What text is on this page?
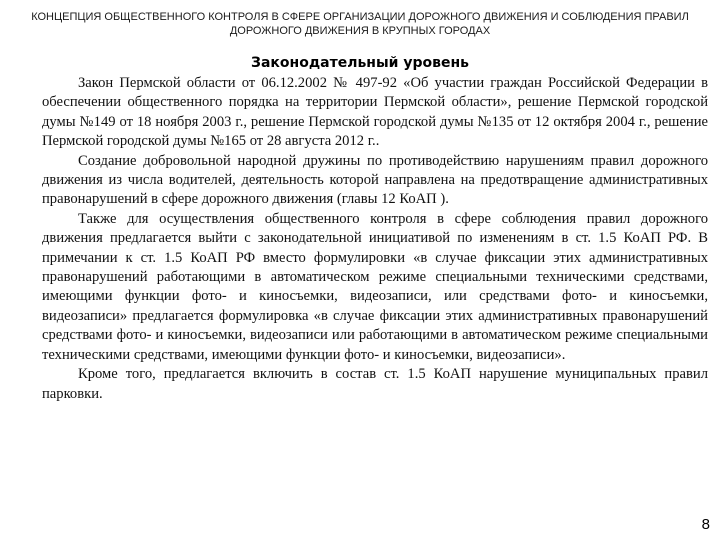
КОНЦЕПЦИЯ ОБЩЕСТВЕННОГО КОНТРОЛЯ В СФЕРЕ ОРГАНИЗАЦИИ ДОРОЖНОГО ДВИЖЕНИЯ И СОБЛЮДЕНИЯ ПРАВИЛ ДОРОЖНОГО ДВИЖЕНИЯ В КРУПНЫХ ГОРОДАХ
Законодательный уровень

Закон Пермской области от 06.12.2002 № 497-92 «Об участии граждан Российской Федерации в обеспечении общественного порядка на территории Пермской области», решение Пермской городской думы №149 от 18 ноября 2003 г., решение Пермской городской думы №135 от 12 октября 2004 г., решение Пермской городской думы №165 от 28 августа 2012 г..

Создание добровольной народной дружины по противодействию нарушениям правил дорожного движения из числа водителей, деятельность которой направлена на предотвращение административных правонарушений в сфере дорожного движения (главы 12 КоАП ).

Также для осуществления общественного контроля в сфере соблюдения правил дорожного движения предлагается выйти с законодательной инициативой по изменениям в ст. 1.5 КоАП РФ. В примечании к ст. 1.5 КоАП РФ вместо формулировки «в случае фиксации этих административных правонарушений работающими в автоматическом режиме специальными техническими средствами, имеющими функции фото- и киносъемки, видеозаписи, или средствами фото- и киносъемки, видеозаписи» предлагается формулировка «в случае фиксации этих административных правонарушений средствами фото- и киносъемки, видеозаписи или работающими в автоматическом режиме специальными техническими средствами, имеющими функции фото- и киносъемки, видеозаписи».

Кроме того, предлагается включить в состав ст. 1.5 КоАП нарушение муниципальных правил парковки.

8
